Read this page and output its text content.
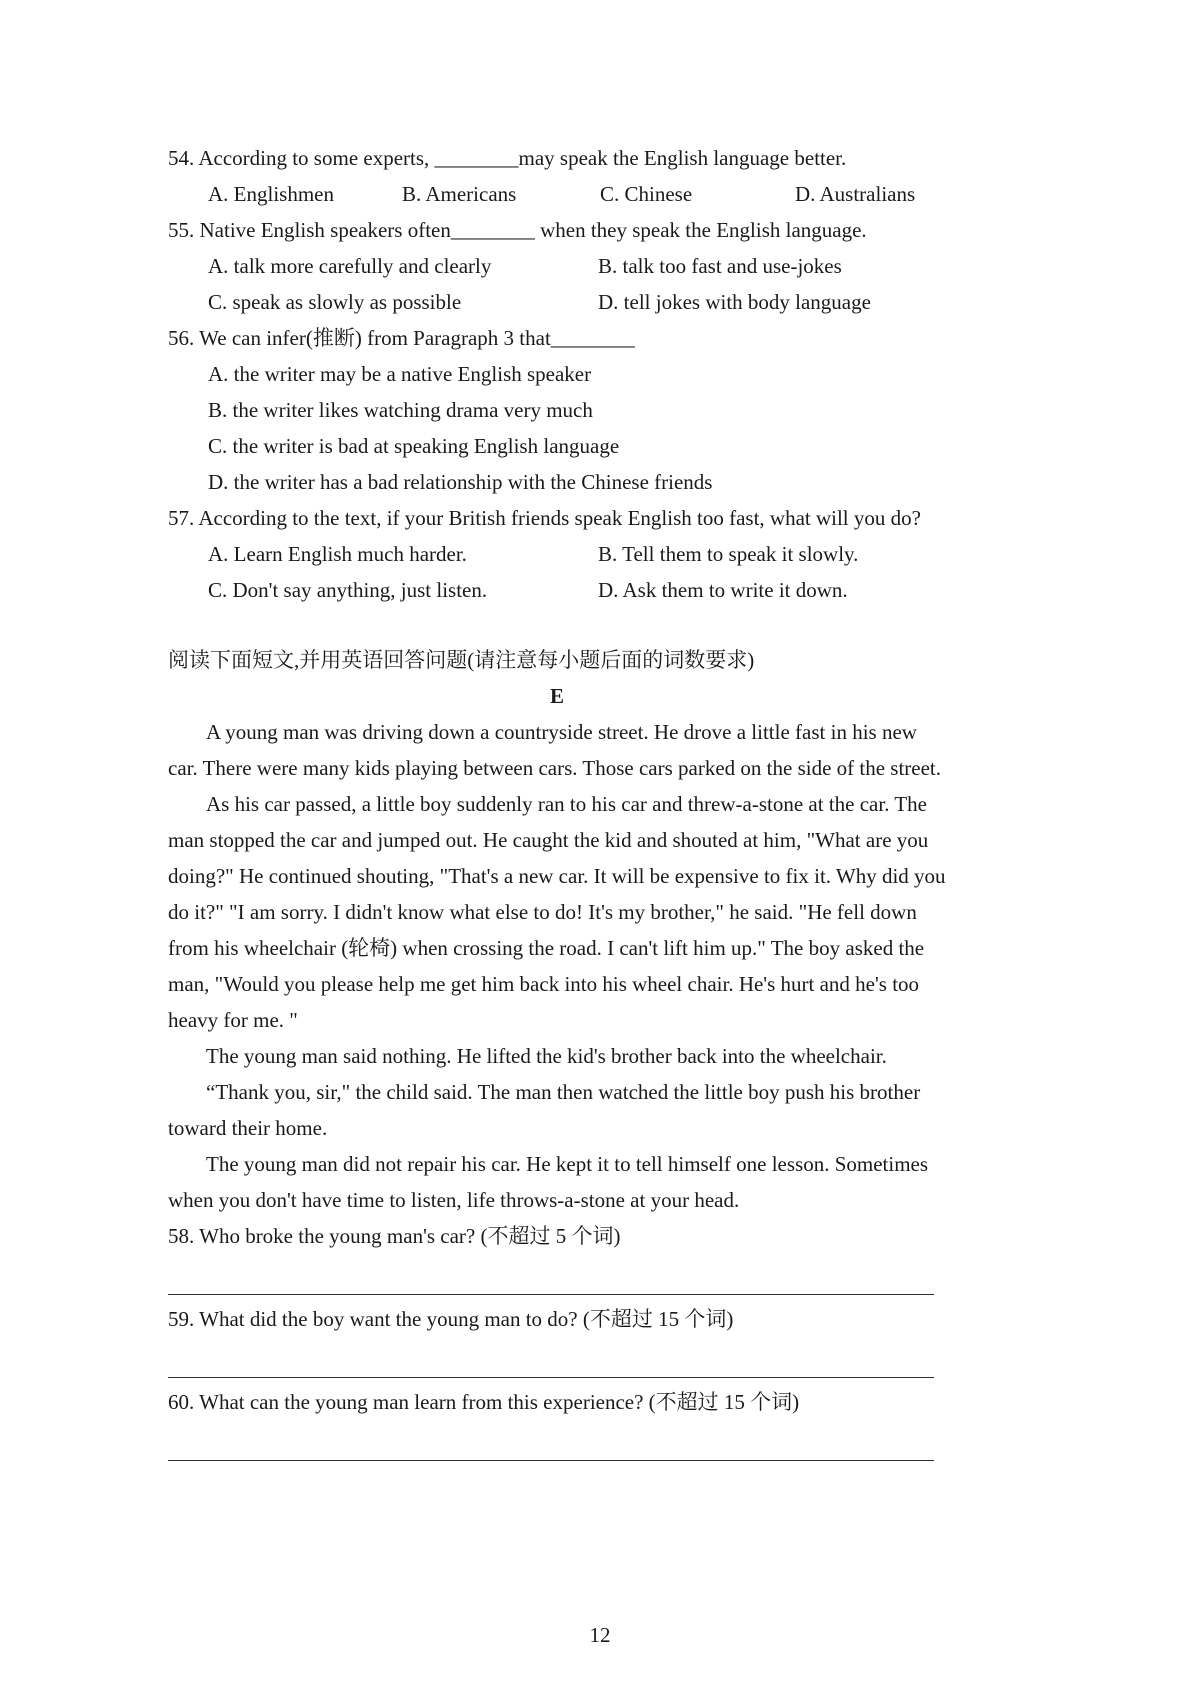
54. According to some experts, ________may speak the English language better.
A. Englishmen	B. Americans	C. Chinese	D. Australians
55. Native English speakers often________ when they speak the English language.
A. talk more carefully and clearly	B. talk too fast and use-jokes
C. speak as slowly as possible	D. tell jokes with body language
56. We can infer(推断) from Paragraph 3 that________
A. the writer may be a native English speaker
B. the writer likes watching drama very much
C. the writer is bad at speaking English language
D. the writer has a bad relationship with the Chinese friends
57. According to the text, if your British friends speak English too fast, what will you do?
A. Learn English much harder.	B. Tell them to speak it slowly.
C. Don't say anything, just listen.	D. Ask them to write it down.
阅读下面短文,并用英语回答问题(请注意每小题后面的词数要求)
E

A young man was driving down a countryside street. He drove a little fast in his new car. There were many kids playing between cars. Those cars parked on the side of the street.

As his car passed, a little boy suddenly ran to his car and threw-a-stone at the car. The man stopped the car and jumped out. He caught the kid and shouted at him, "What are you doing?" He continued shouting, "That's a new car. It will be expensive to fix it. Why did you do it?" "I am sorry. I didn't know what else to do! It's my brother," he said. "He fell down from his wheelchair (轮椅) when crossing the road. I can't lift him up." The boy asked the man, "Would you please help me get him back into his wheel chair. He's hurt and he's too heavy for me. "

The young man said nothing. He lifted the kid's brother back into the wheelchair.

“Thank you, sir," the child said. The man then watched the little boy push his brother toward their home.

The young man did not repair his car. He kept it to tell himself one lesson. Sometimes when you don't have time to listen, life throws-a-stone at your head.

58. Who broke the young man's car? (不超过 5 个词)
59. What did the boy want the young man to do? (不超过 15 个词)
60. What can the young man learn from this experience? (不超过 15 个词)
12
